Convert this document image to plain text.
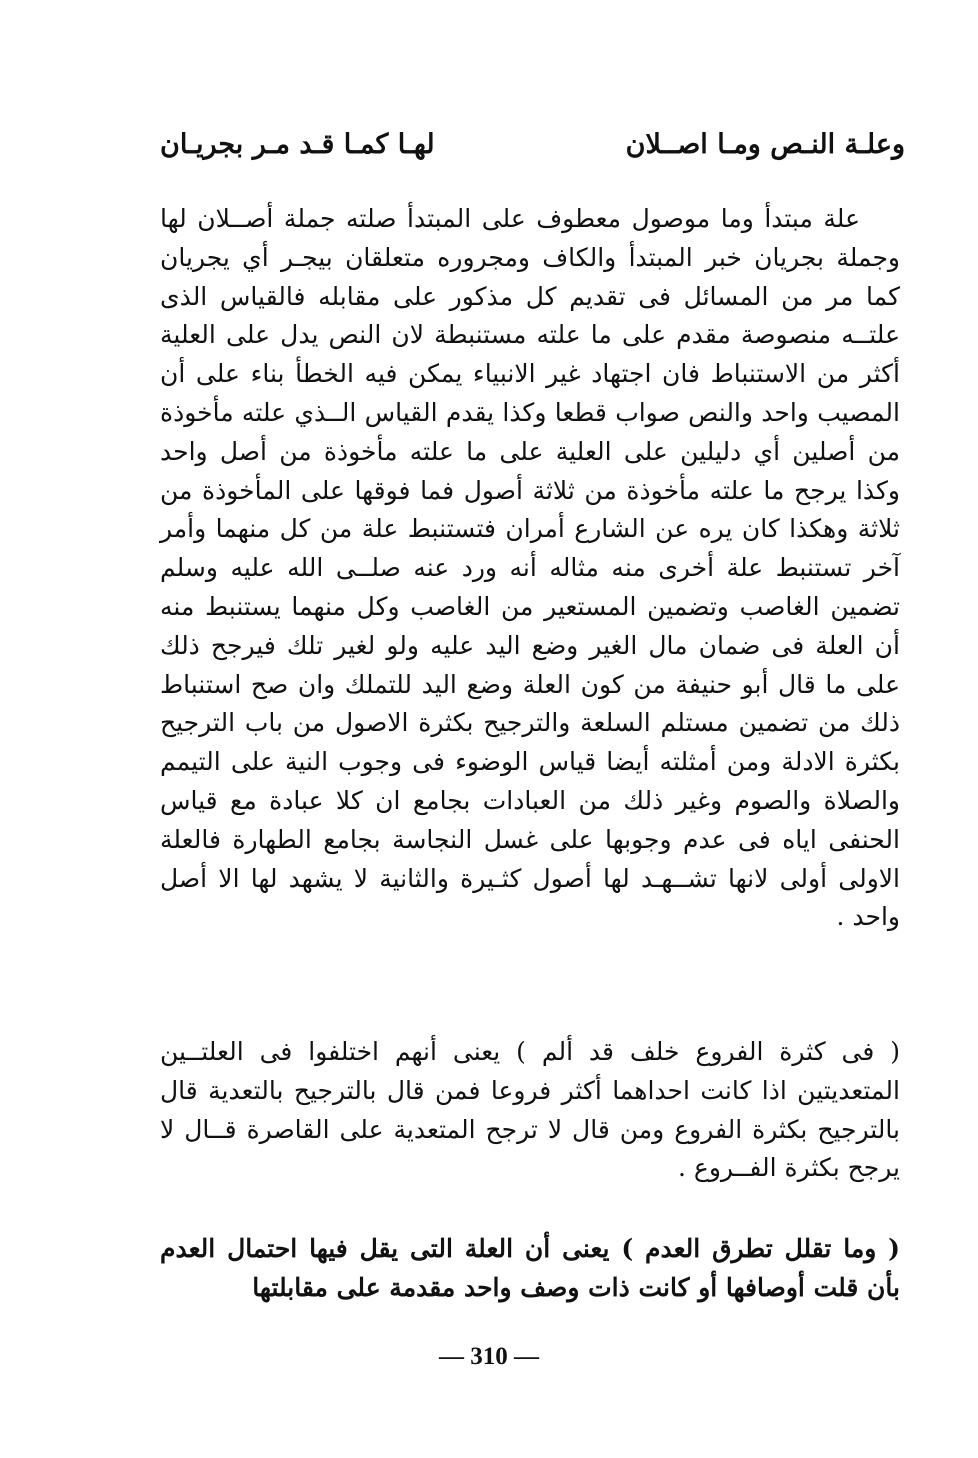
وعلـة النـص ومـا اصــلان
لهـا كمـا قـد مـر بجريـان

علة مبتدأ وما موصول معطوف على المبتدأ صلته جملة أصــلان لها وجملة بجريان خبر المبتدأ والكاف ومجروره متعلقان بيجـر أي يجريان كما مر من المسائل فى تقديم كل مذكور على مقابله فالقياس الذى علتــه منصوصة مقدم على ما علته مستنبطة لان النص يدل على العلية أكثر من الاستنباط فان اجتهاد غير الانبياء يمكن فيه الخطأ بناء على أن المصيب واحد والنص صواب قطعا وكذا يقدم القياس الــذي علته مأخوذة من أصلين أي دليلين على العلية على ما علته مأخوذة من أصل واحد وكذا يرجح ما علته مأخوذة من ثلاثة أصول فما فوقها على المأخوذة من ثلاثة وهكذا كان يره عن الشارع أمران فتستنبط علة من كل منهما وأمر آخر تستنبط علة أخرى منه مثاله أنه ورد عنه صلــى الله عليه وسلم تضمين الغاصب وتضمين المستعير من الغاصب وكل منهما يستنبط منه أن العلة فى ضمان مال الغير وضع اليد عليه ولو لغير تلك فيرجح ذلك على ما قال أبو حنيفة من كون العلة وضع اليد للتملك وان صح استنباط ذلك من تضمين مستلم السلعة والترجيح بكثرة الاصول من باب الترجيح بكثرة الادلة ومن أمثلته أيضا قياس الوضوء فى وجوب النية على التيمم والصلاة والصوم وغير ذلك من العبادات بجامع ان كلا عبادة مع قياس الحنفى اياه فى عدم وجوبها على غسل النجاسة بجامع الطهارة فالعلة الاولى أولى لانها تشــهـد لها أصول كثـيرة والثانية لا يشهد لها الا أصل واحد .

( فى كثرة الفروع خلف قد ألم ) يعنى أنهم اختلفوا فى العلتــين المتعديتين اذا كانت احداهما أكثر فروعا فمن قال بالترجيح بالتعدية قال بالترجيح بكثرة الفروع ومن قال لا ترجح المتعدية على القاصرة قــال لا يرجح بكثرة الفــروع .

( وما تقلل تطرق العدم ) يعنى أن العلة التى يقل فيها احتمال العدم بأن قلت أوصافها أو كانت ذات وصف واحد مقدمة على مقابلتها

— 310 —
